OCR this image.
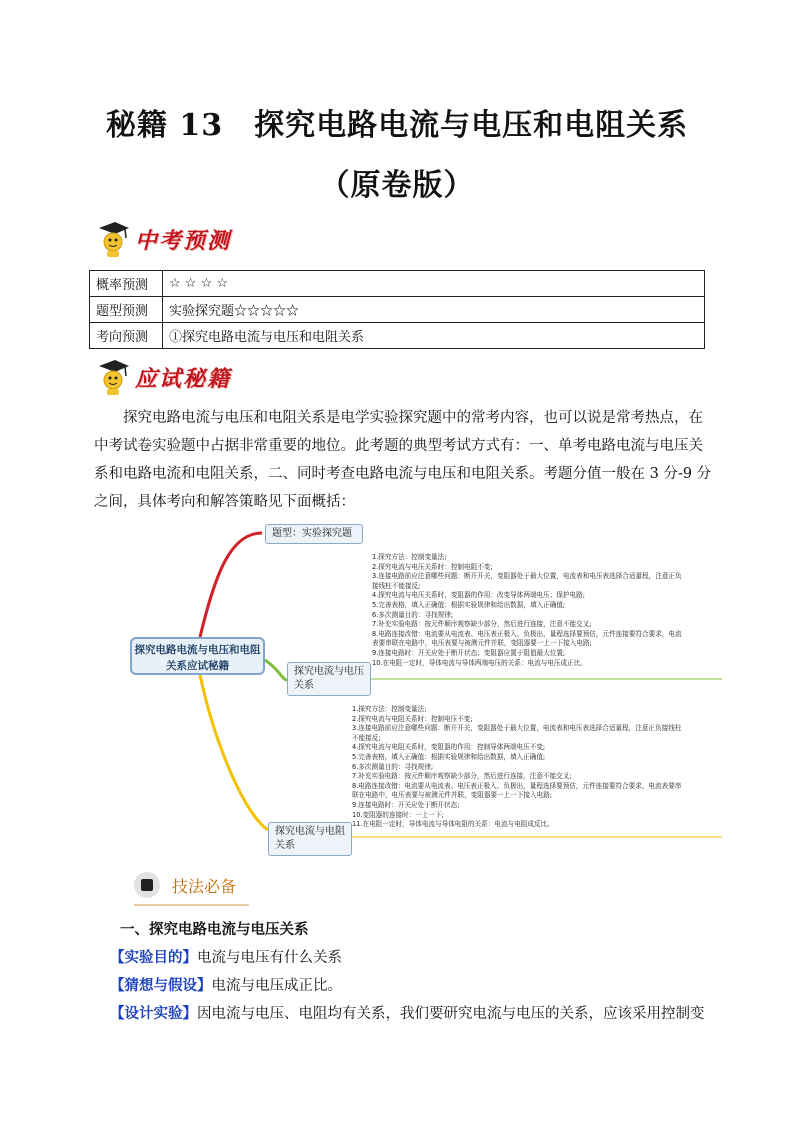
秘籍 13　探究电路电流与电压和电阻关系
（原卷版）
中考预测
概率预测	☆ ☆ ☆ ☆
题型预测	实验探究题☆☆☆☆☆
考向预测	①探究电路电流与电压和电阻关系
应试秘籍
探究电路电流与电压和电阻关系是电学实验探究题中的常考内容，也可以说是常考热点，在中考试卷实验题中占据非常重要的地位。此考题的典型考试方式有：一、单考电路电流与电压关系和电路电流和电阻关系，二、同时考查电路电流与电压和电阻关系。考题分值一般在 3 分-9 分之间，具体考向和解答策略见下面概括：
探究电路电流与电压和电阻关系应试秘籍
题型：实验探究题
探究电流与电压关系
探究电流与电阻关系
1.探究方法：控制变量法;
2.探究电流与电压关系时：控制电阻不变;
3.连接电路前应注意哪些问题：断开开关，变阻器处于最大位置，电流表和电压表选择合适量程，注意正负
接线柱不能接反;
4.探究电流与电压关系时，变阻器的作用：改变导体两端电压；保护电路;
5.完善表格，填入正确值：根据实验规律和给出数据，填入正确值;
6.多次测量目的：寻找规律;
7.补充实验电路：按元件顺序观察缺少部分，然后进行连接，注意不能交叉;
8.电路连接改错：电流要从电流表、电压表正极入、负极出，量程选择要预估，元件连接要符合要求，电流
表要串联在电路中，电压表要与被测元件并联，变阻器要一上一下接入电路;
9.连接电路时：开关应处于断开状态；变阻器应置于阻值最大位置;
10.在电阻一定时，导体电流与导体两端电压的关系：电流与电压成正比。
1.探究方法：控制变量法;
2.探究电流与电阻关系时：控制电压不变;
3.连接电路前应注意哪些问题：断开开关，变阻器处于最大位置，电流表和电压表选择合适量程，注意正负接线柱
不能接反;
4.探究电流与电阻关系时，变阻器的作用：控制导体两端电压不变;
5.完善表格，填入正确值：根据实验规律和给出数据，填入正确值;
6.多次测量目的：寻找规律;
7.补充实验电路：按元件顺序观察缺少部分，然后进行连接，注意不能交叉;
8.电路连接改错：电流要从电流表、电压表正极入、负极出，量程选择要预估，元件连接要符合要求，电流表要串
联在电路中，电压表要与被测元件并联，变阻器要一上一下接入电路;
9.连接电路时：开关应处于断开状态;
10.变阻器的连接时：一上一下;
11.在电阻一定时，导体电流与导体电阻的关系：电流与电阻成反比。
技法必备
一、探究电路电流与电压关系
【实验目的】电流与电压有什么关系
【猜想与假设】电流与电压成正比。
【设计实验】因电流与电压、电阻均有关系，我们要研究电流与电压的关系，应该采用控制变
